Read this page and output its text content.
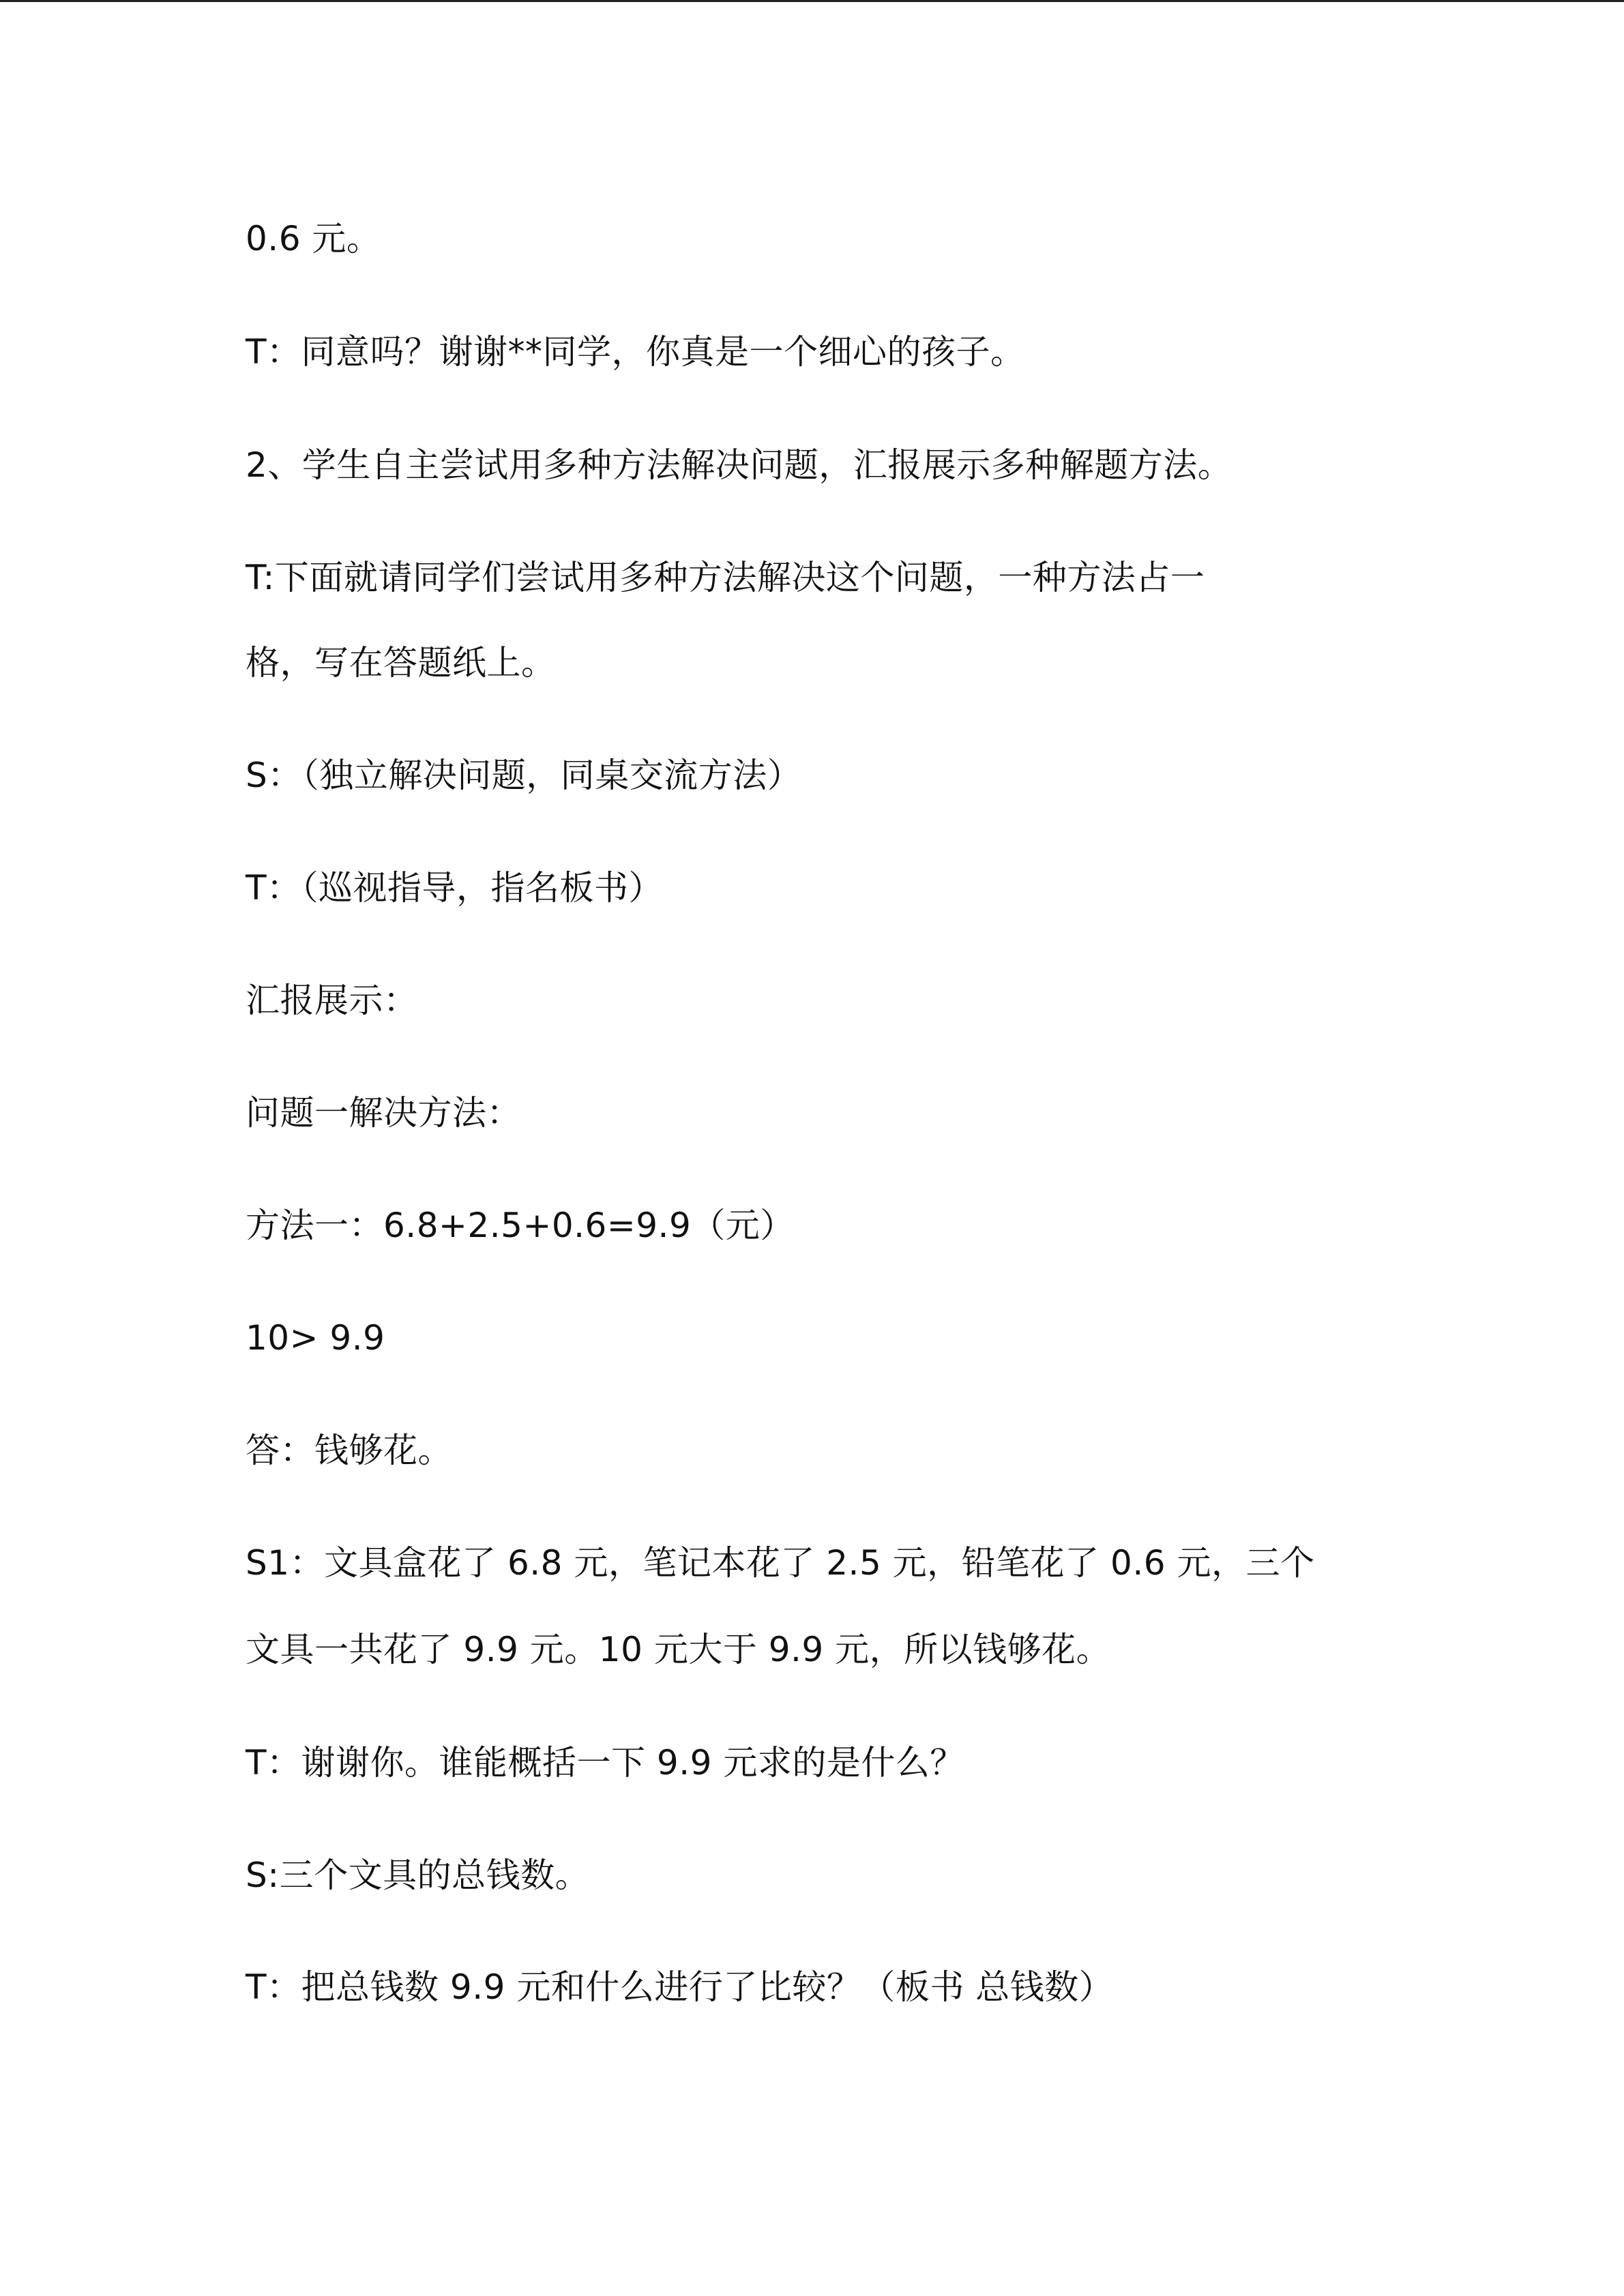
0.6 元。
T：同意吗？谢谢**同学，你真是一个细心的孩子。
2、学生自主尝试用多种方法解决问题，汇报展示多种解题方法。
T:下面就请同学们尝试用多种方法解决这个问题，一种方法占一
格，写在答题纸上。
S：（独立解决问题，同桌交流方法）
T：（巡视指导，指名板书）
汇报展示：
问题一解决方法：
方法一：6.8+2.5+0.6=9.9（元）
10> 9.9
答：钱够花。
S1：文具盒花了 6.8 元，笔记本花了 2.5 元，铅笔花了 0.6 元，三个
文具一共花了 9.9 元。10 元大于 9.9 元，所以钱够花。
T：谢谢你。谁能概括一下 9.9 元求的是什么？
S:三个文具的总钱数。
T：把总钱数 9.9 元和什么进行了比较？（板书 总钱数）
